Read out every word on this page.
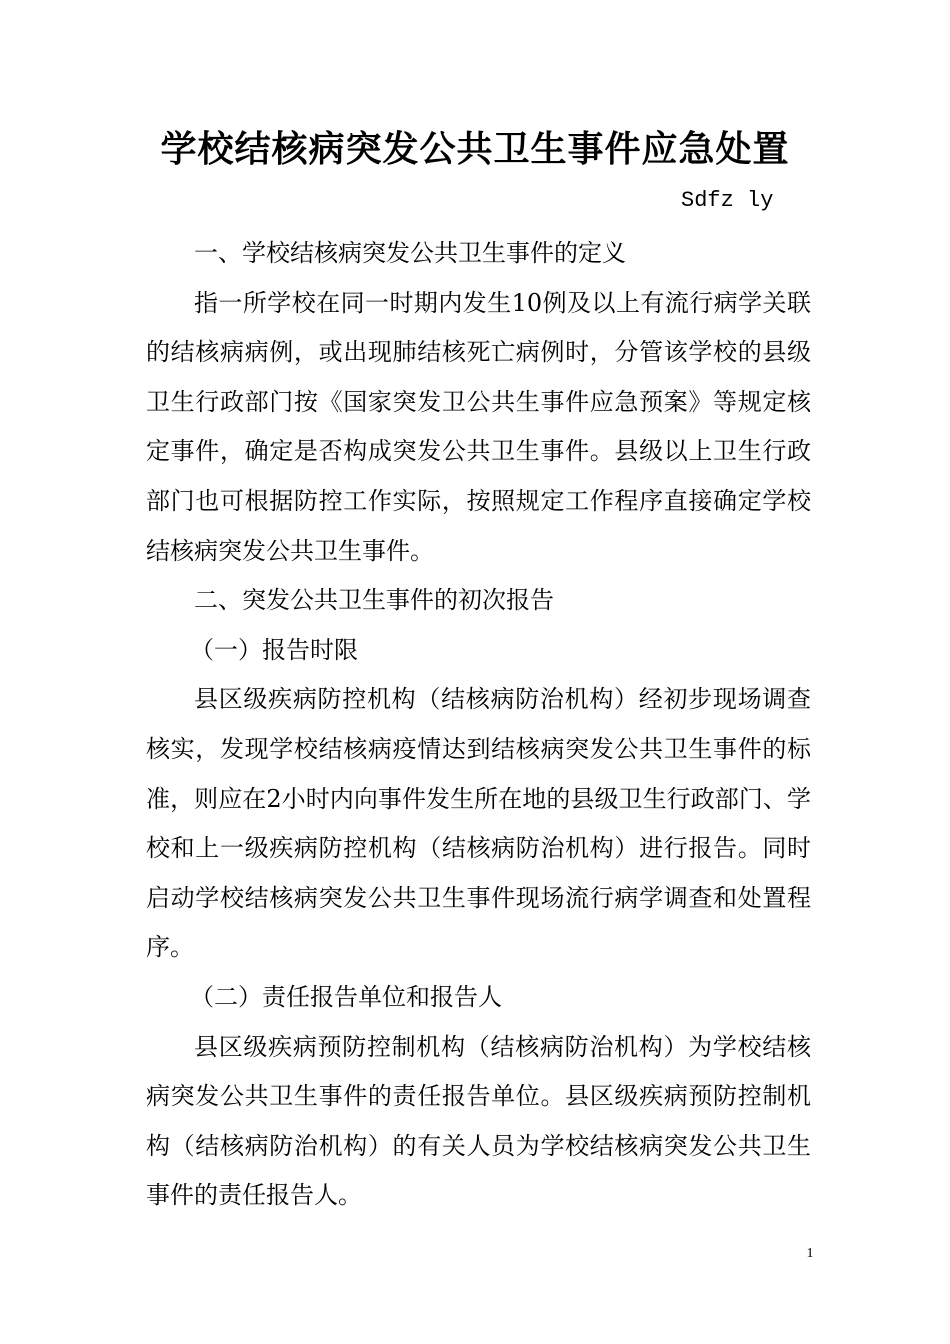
学校结核病突发公共卫生事件应急处置
Sdfz ly

一、学校结核病突发公共卫生事件的定义

指一所学校在同一时期内发生10例及以上有流行病学关联的结核病病例，或出现肺结核死亡病例时，分管该学校的县级卫生行政部门按《国家突发卫公共生事件应急预案》等规定核定事件，确定是否构成突发公共卫生事件。县级以上卫生行政部门也可根据防控工作实际，按照规定工作程序直接确定学校结核病突发公共卫生事件。

二、突发公共卫生事件的初次报告

（一）报告时限

县区级疾病防控机构（结核病防治机构）经初步现场调查核实，发现学校结核病疫情达到结核病突发公共卫生事件的标准，则应在2小时内向事件发生所在地的县级卫生行政部门、学校和上一级疾病防控机构（结核病防治机构）进行报告。同时启动学校结核病突发公共卫生事件现场流行病学调查和处置程序。

（二）责任报告单位和报告人

县区级疾病预防控制机构（结核病防治机构）为学校结核病突发公共卫生事件的责任报告单位。县区级疾病预防控制机构（结核病防治机构）的有关人员为学校结核病突发公共卫生事件的责任报告人。

1
